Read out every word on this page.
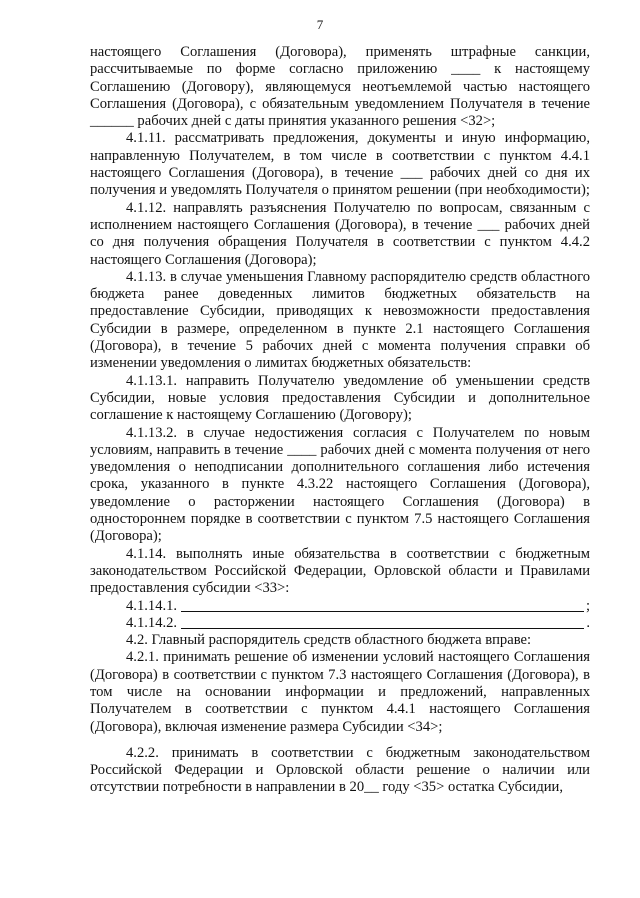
7

настоящего Соглашения (Договора), применять штрафные санкции, рассчитываемые по форме согласно приложению ____ к настоящему Соглашению (Договору), являющемуся неотъемлемой частью настоящего Соглашения (Договора), с обязательным уведомлением Получателя в течение ______ рабочих дней с даты принятия указанного решения <32>;

4.1.11. рассматривать предложения, документы и иную информацию, направленную Получателем, в том числе в соответствии с пунктом 4.4.1 настоящего Соглашения (Договора), в течение ___ рабочих дней со дня их получения и уведомлять Получателя о принятом решении (при необходимости);

4.1.12. направлять разъяснения Получателю по вопросам, связанным с исполнением настоящего Соглашения (Договора), в течение ___ рабочих дней со дня получения обращения Получателя в соответствии с пунктом 4.4.2 настоящего Соглашения (Договора);

4.1.13. в случае уменьшения Главному распорядителю средств областного бюджета ранее доведенных лимитов бюджетных обязательств на предоставление Субсидии, приводящих к невозможности предоставления Субсидии в размере, определенном в пункте 2.1 настоящего Соглашения (Договора), в течение 5 рабочих дней с момента получения справки об изменении уведомления о лимитах бюджетных обязательств:

4.1.13.1. направить Получателю уведомление об уменьшении средств Субсидии, новые условия предоставления Субсидии и дополнительное соглашение к настоящему Соглашению (Договору);

4.1.13.2. в случае недостижения согласия с Получателем по новым условиям, направить в течение ____ рабочих дней с момента получения от него уведомления о неподписании дополнительного соглашения либо истечения срока, указанного в пункте 4.3.22 настоящего Соглашения (Договора), уведомление о расторжении настоящего Соглашения (Договора) в одностороннем порядке в соответствии с пунктом 7.5 настоящего Соглашения (Договора);

4.1.14. выполнять иные обязательства в соответствии с бюджетным законодательством Российской Федерации, Орловской области и Правилами предоставления субсидии <33>:

4.1.14.1.	;
4.1.14.2.	.

4.2. Главный распорядитель средств областного бюджета вправе:

4.2.1. принимать решение об изменении условий настоящего Соглашения (Договора) в соответствии с пунктом 7.3 настоящего Соглашения (Договора), в том числе на основании информации и предложений, направленных Получателем в соответствии с пунктом 4.4.1 настоящего Соглашения (Договора), включая изменение размера Субсидии <34>;

4.2.2. принимать в соответствии с бюджетным законодательством Российской Федерации и Орловской области решение о наличии или отсутствии потребности в направлении в 20__ году <35> остатка Субсидии,
